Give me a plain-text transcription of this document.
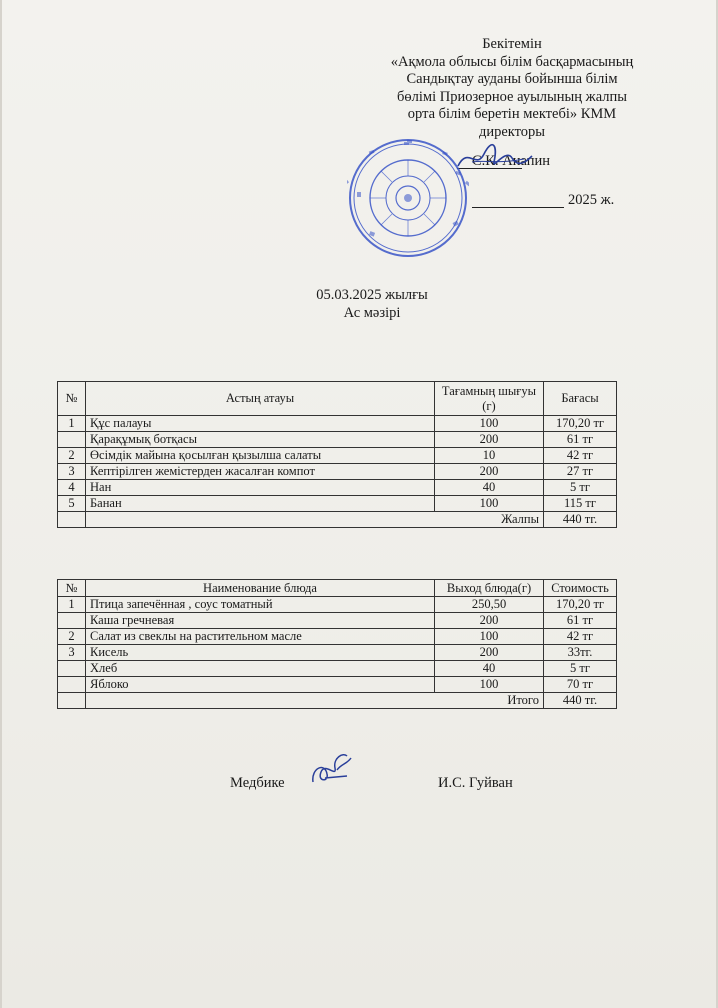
Бекітемін
«Ақмола облысы білім басқармасының
Сандықтау ауданы бойынша білім
бөлімі Приозерное ауылының жалпы
орта білім беретін мектебі» КММ
директоры
С.К. Анапин
2025 ж.
05.03.2025 жылғы
Ас мәзірі
№	Астың атауы	Тағамның шығуы (г)	Бағасы
1	Құс палауы	100	170,20 тг
	Қарақұмық ботқасы	200	61 тг
2	Өсімдік майына қосылған қызылша салаты	10	42 тг
3	Кептірілген жемістерден жасалған компот	200	27 тг
4	Нан	40	5 тг
5	Банан	100	115 тг
	Жалпы		440 тг.
№	Наименование блюда	Выход блюда(г)	Стоимость
1	Птица запечённая , соус томатный	250,50	170,20 тг
	Каша гречневая	200	61 тг
2	Салат из свеклы на растительном масле	100	42 тг
3	Кисель	200	33тг.
	Хлеб	40	5 тг
	Яблоко	100	70 тг
	Итого		440 тг.
Медбике	И.С. Гуйван
